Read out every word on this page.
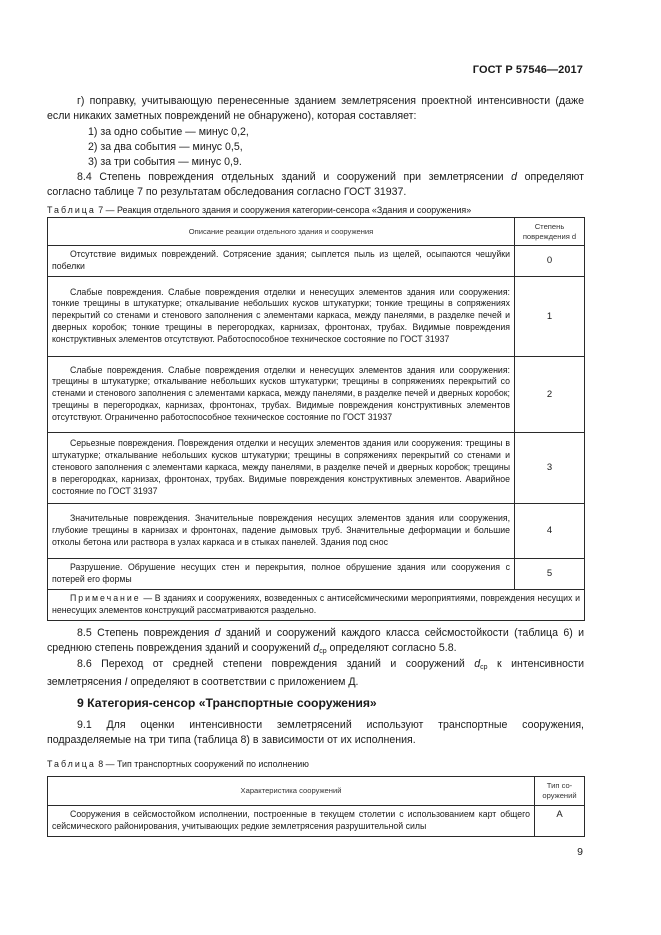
ГОСТ Р 57546—2017

г) поправку, учитывающую перенесенные зданием землетрясения проектной интенсивности (даже если никаких заметных повреждений не обнаружено), которая составляет:

1) за одно событие — минус 0,2,

2) за два события — минус 0,5,

3) за три события — минус 0,9.

8.4 Степень повреждения отдельных зданий и сооружений при землетрясении d определяют согласно таблице 7 по результатам обследования согласно ГОСТ 31937.

Таблица 7 — Реакция отдельного здания и сооружения категории-сенсора «Здания и сооружения»
Описание реакции отдельного здания и сооружения	Степень
повреждения d

Отсутствие видимых повреждений. Сотрясение здания; сыплется пыль из щелей, осыпаются чешуйки побелки	0

Слабые повреждения. Слабые повреждения отделки и ненесущих элементов здания или сооружения: тонкие трещины в штукатурке; откалывание небольших кусков штукатурки; тонкие трещины в сопряжениях перекрытий со стенами и стенового заполнения с элементами каркаса, между панелями, в разделке печей и дверных коробок; тонкие трещины в перегородках, карнизах, фронтонах, трубах. Видимые повреждения конструктивных элементов отсутствуют. Работоспособное техническое состояние по ГОСТ 31937	1

Слабые повреждения. Слабые повреждения отделки и ненесущих элементов здания или сооружения: трещины в штукатурке; откалывание небольших кусков штукатурки; трещины в сопряжениях перекрытий со стенами и стенового заполнения с элементами каркаса, между панелями, в разделке печей и дверных коробок; трещины в перегородках, карнизах, фронтонах, трубах. Видимые повреждения конструктивных элементов отсутствуют. Ограниченно работоспособное техническое состояние по ГОСТ 31937	2

Серьезные повреждения. Повреждения отделки и несущих элементов здания или сооружения: трещины в штукатурке; откалывание небольших кусков штукатурки; трещины в сопряжениях перекрытий со стенами и стенового заполнения с элементами каркаса, между панелями, в разделке печей и дверных коробок; трещины в перегородках, карнизах, фронтонах, трубах. Видимые повреждения конструктивных элементов. Аварийное состояние по ГОСТ 31937	3

Значительные повреждения. Значительные повреждения несущих элементов здания или сооружения, глубокие трещины в карнизах и фронтонах, падение дымовых труб. Значительные деформации и большие отколы бетона или раствора в узлах каркаса и в стыках панелей. Здания под снос	4

Разрушение. Обрушение несущих стен и перекрытия, полное обрушение здания или сооружения с потерей его формы	5

Примечание — В зданиях и сооружениях, возведенных с антисейсмическими мероприятиями, повреждения несущих и ненесущих элементов конструкций рассматриваются раздельно.	

8.5 Степень повреждения d зданий и сооружений каждого класса сейсмостойкости (таблица 6) и среднюю степень повреждения зданий и сооружений $d_{ср}$ определяют согласно 5.8.

8.6 Переход от средней степени повреждения зданий и сооружений $d_{ср}$ к интенсивности землетрясения I определяют в соответствии с приложением Д.

9 Категория-сенсор «Транспортные сооружения»

9.1 Для оценки интенсивности землетрясений используют транспортные сооружения, подразделяемые на три типа (таблица 8) в зависимости от их исполнения.

Таблица 8 — Тип транспортных сооружений по исполнению
Характеристика сооружений	Тип со-
оружений

Сооружения в сейсмостойком исполнении, построенные в текущем столетии с использованием карт общего сейсмического районирования, учитывающих редкие землетрясения разрушительной силы	А
9
